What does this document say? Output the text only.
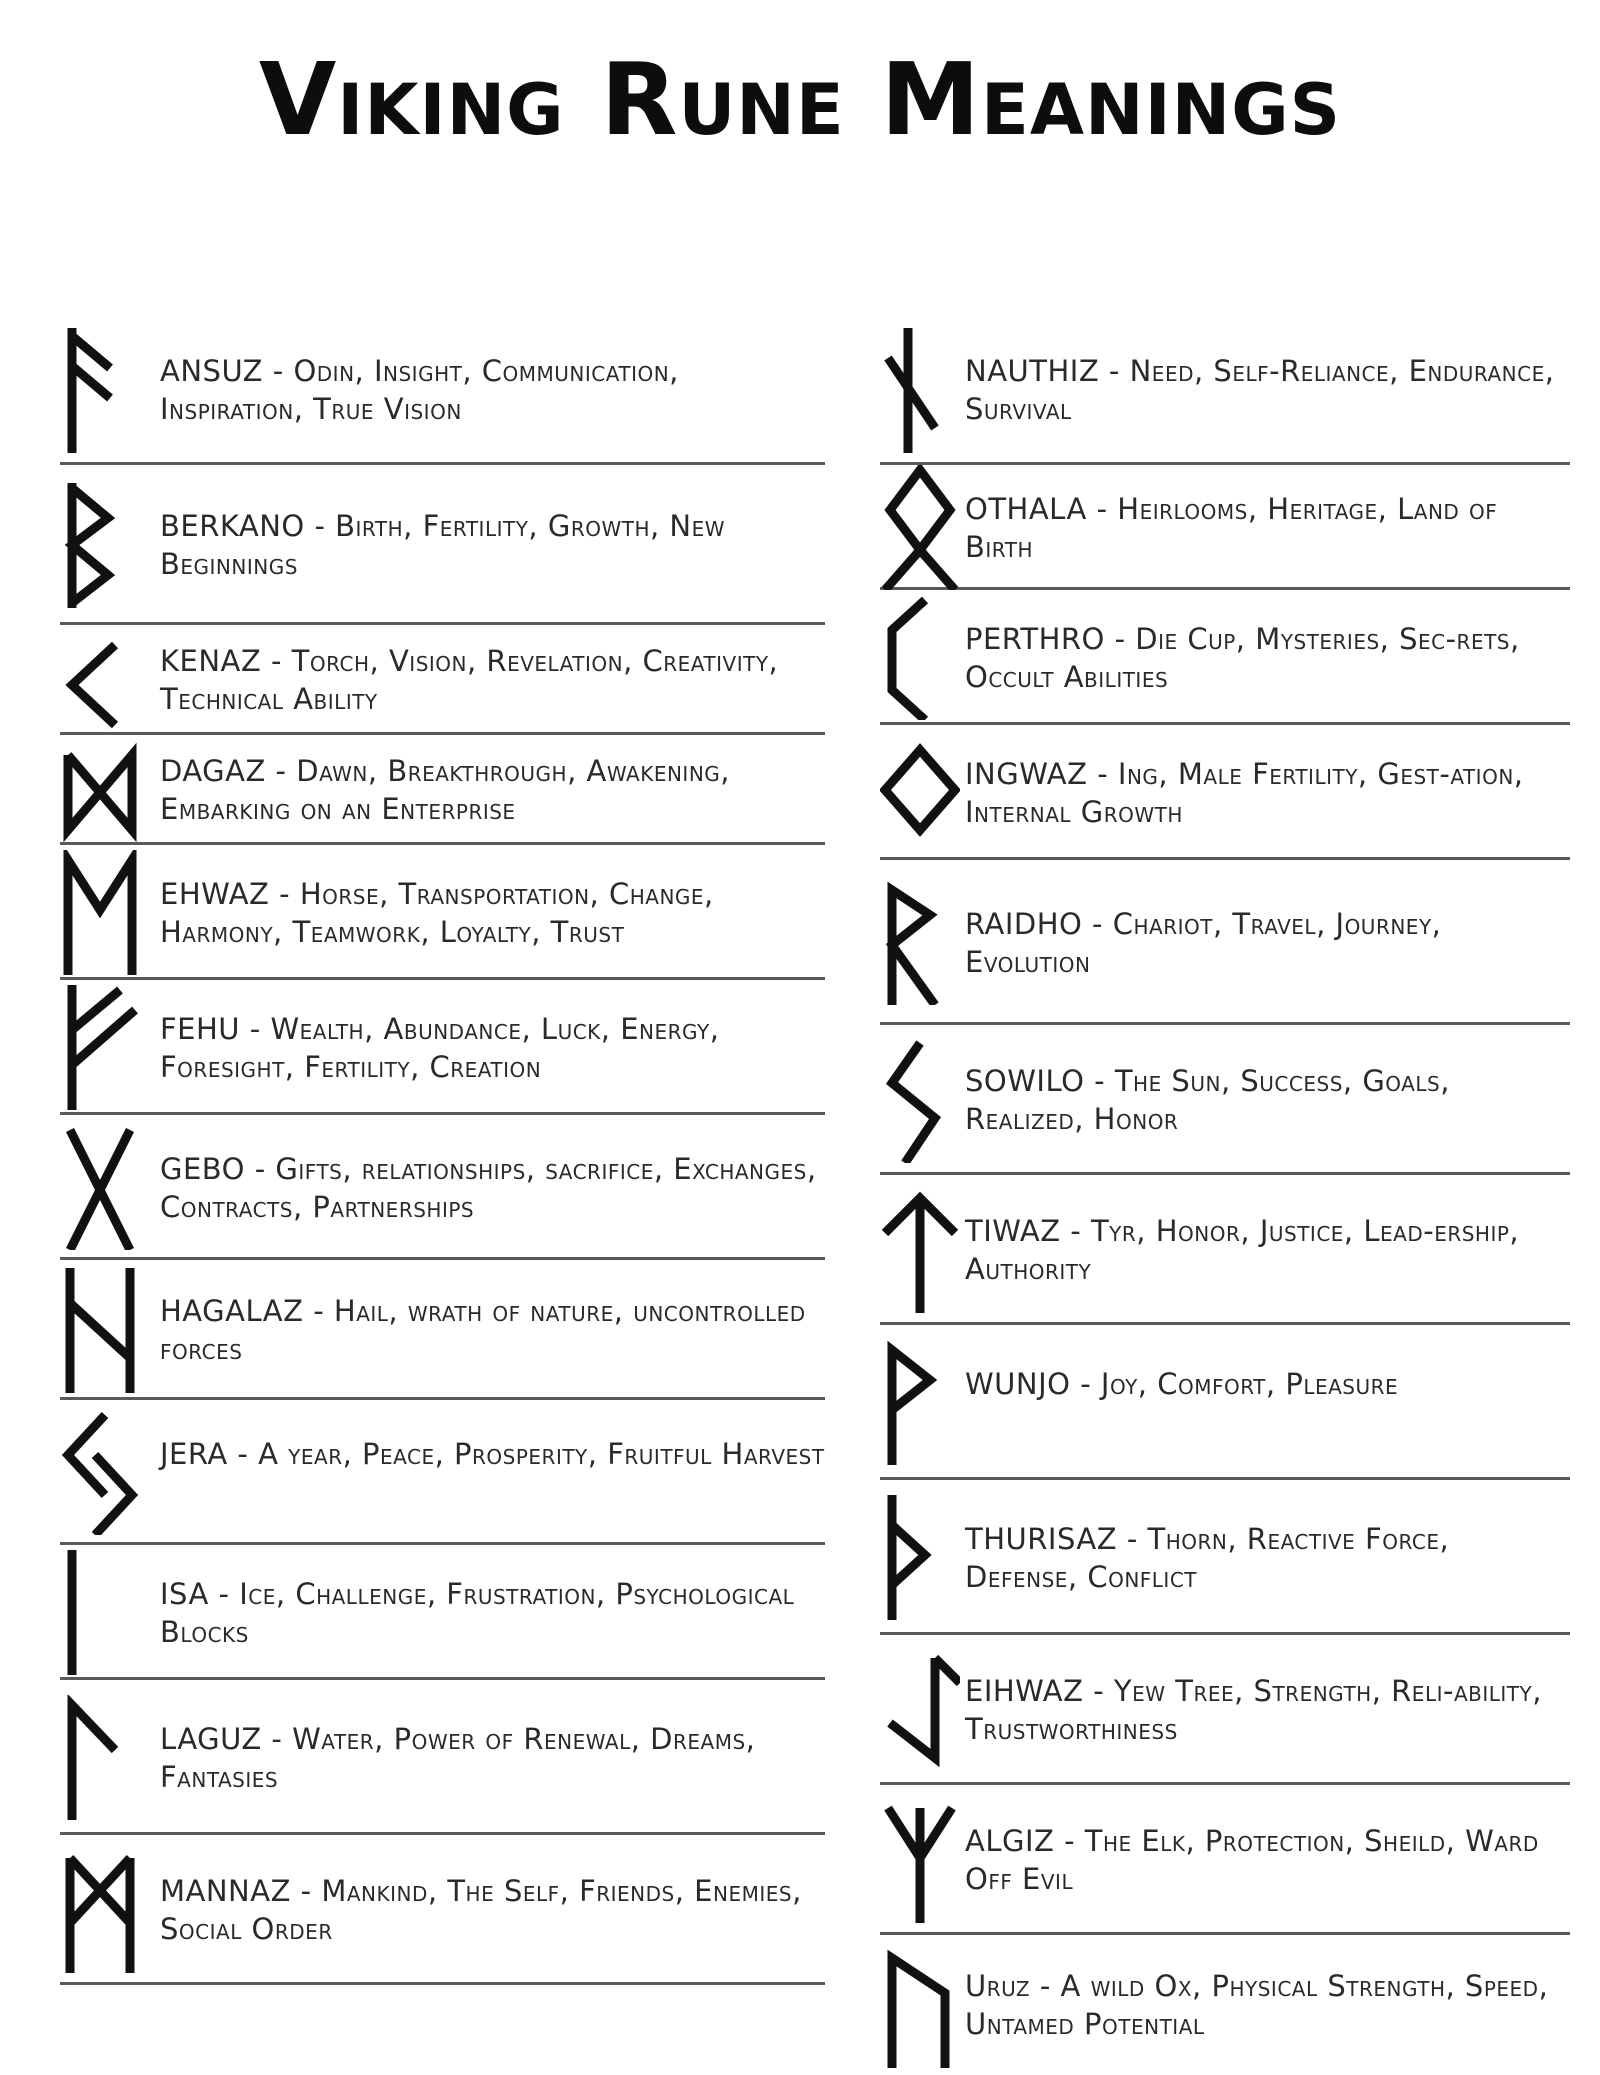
Viking Rune Meanings
ANSUZ - Odin, Insight, Communication, Inspiration, True Vision
BERKANO - Birth, Fertility, Growth, New Beginnings
KENAZ - Torch, Vision, Revelation, Creativity, Technical Ability
DAGAZ - Dawn, Breakthrough, Awakening, Embarking on an Enterprise
EHWAZ - Horse, Transportation, Change, Harmony, Teamwork, Loyalty, Trust
FEHU - Wealth, Abundance, Luck, Energy, Foresight, Fertility, Creation
GEBO - Gifts, relationships, sacrifice, Exchanges, Contracts, Partnerships
HAGALAZ - Hail, wrath of nature, uncontrolled forces
JERA - A year, Peace, Prosperity, Fruitful Harvest
ISA - Ice, Challenge, Frustration, Psychological Blocks
LAGUZ - Water, Power of Renewal, Dreams, Fantasies
MANNAZ - Mankind, The Self, Friends, Enemies, Social Order
NAUTHIZ - Need, Self-Reliance, Endurance, Survival
OTHALA - Heirlooms, Heritage, Land of Birth
PERTHRO - Die Cup, Mysteries, Sec-rets, Occult Abilities
INGWAZ - Ing, Male Fertility, Gest-ation, Internal Growth
RAIDHO - Chariot, Travel, Journey, Evolution
SOWILO - The Sun, Success, Goals, Realized, Honor
TIWAZ - Tyr, Honor, Justice, Lead-ership, Authority
WUNJO - Joy, Comfort, Pleasure
THURISAZ - Thorn, Reactive Force, Defense, Conflict
EIHWAZ - Yew Tree, Strength, Reli-ability, Trustworthiness
ALGIZ - The Elk, Protection, Sheild, Ward Off Evil
Uruz - A wild Ox, Physical Strength, Speed, Untamed Potential
